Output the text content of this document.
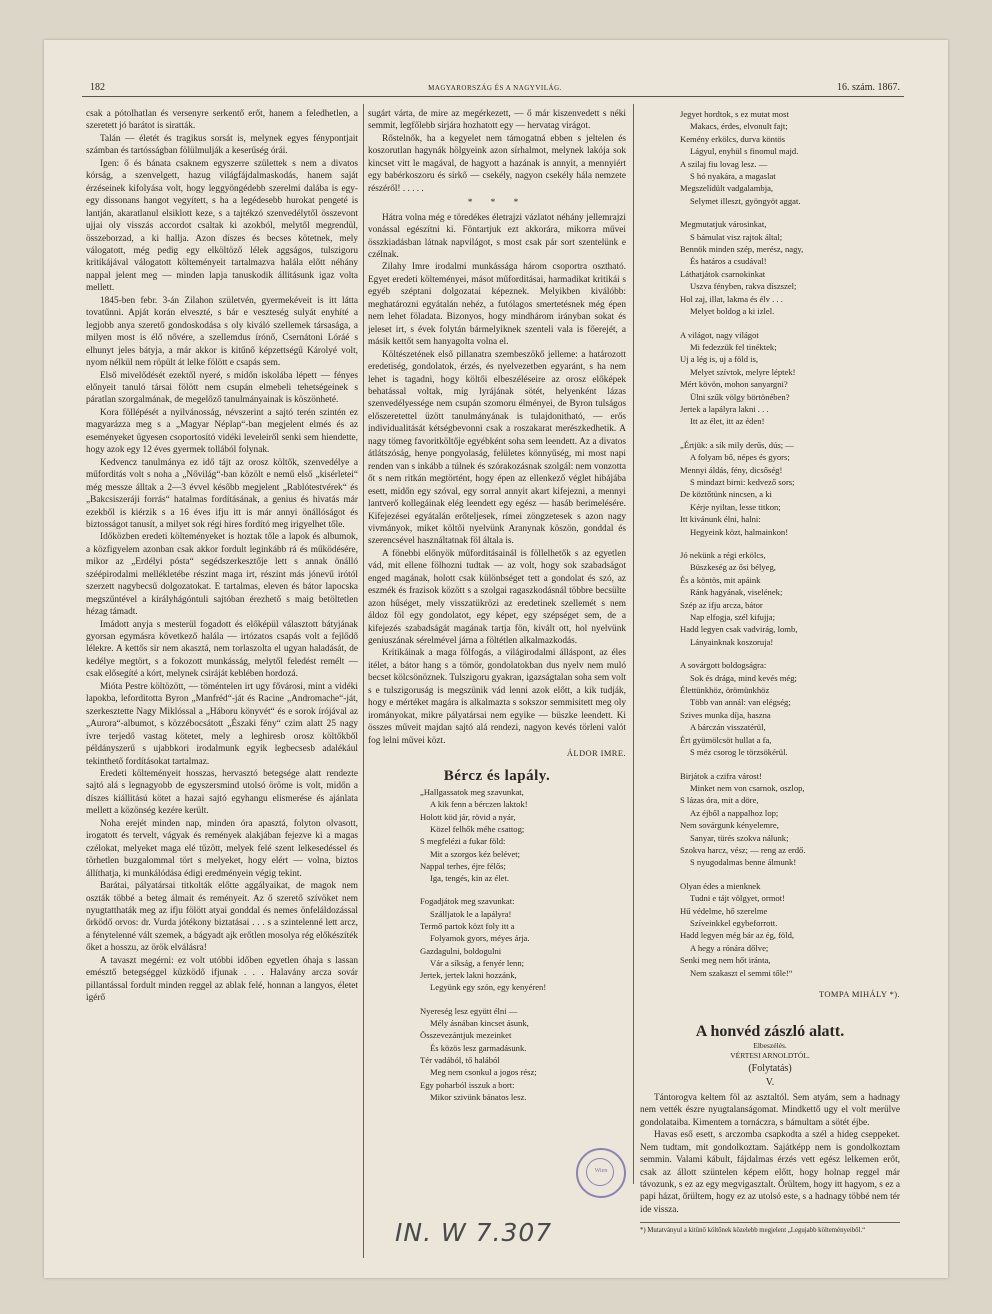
182	MAGYARORSZÁG ÉS A NAGYVILÁG.	16. szám. 1867.

csak a pótolhatlan és versenyre serkentő erőt, hanem a feledhetlen, a szeretett jó barátot is siratták.

Talán — életét és tragikus sorsát is, melynek egyes fénypontjait számban és tartósságban fölülmulják a keserűség órái.

Igen: ő és bánata csaknem egyszerre születtek s nem a divatos kórság, a szenvelgett, hazug világfájdalmaskodás, hanem saját érzéseinek kifolyása volt, hogy leggyöngédebb szerelmi dalába is egy-egy dissonans hangot vegyített, s ha a legédesebb hurokat pengeté is lantján, akaratlanul elsiklott keze, s a tajtékzó szenvedélytől összevont ujjai oly visszás accordot csaltak ki azokból, melytől megrendül, összeborzad, a ki hallja. Azon díszes és becses kötetnek, mely válogatott, még pedig egy elköltöző lélek aggságos, tulszigoru kritikájával válogatott költeményeit tartalmazva halála előtt néhány nappal jelent meg — minden lapja tanuskodik állításunk igaz volta mellett.

1845-ben febr. 3-án Zilahon születvén, gyermekéveit is itt látta tovatűnni. Apját korán elveszté, s bár e veszteség sulyát enyhíté a legjobb anya szerető gondoskodása s oly kiváló szellemek társasága, a milyen most is élő nővére, a szellemdus írónő, Csernátoni Lóráé s elhunyt jeles bátyja, a már akkor is kitűnő képzettségű Károlyé volt, nyom nélkül nem röpült át lelke fölött e csapás sem.

Első mivelődését ezektől nyeré, s midőn iskolába lépett — fényes előnyeit tanuló társai fölött nem csupán elmebeli tehetségeinek s páratlan szorgalmának, de megelőző tanulmányainak is köszönheté.

Kora föllépését a nyilvánosság, névszerint a sajtó terén szintén ez magyarázza meg s a „Magyar Néplap“-ban megjelent elmés és az eseményeket ügyesen csoportosító vidéki leveleiről senki sem hiendette, hogy azok egy 12 éves gyermek tollából folynak.

Kedvencz tanulmánya ez idő tájt az orosz költők, szenvedélye a műforditás volt s noha a „Nővilág“-ban közölt e nemű első „kisérletei“ még messze álltak a 2—3 évvel később megjelent „Rablótestvérek“ és „Bakcsiszeráji forrás“ hatalmas fordításának, a genius és hivatás már ezekből is kiérzik s a 16 éves ifju itt is már annyi önállóságot és biztosságot tanusít, a milyet sok régi hires fordító meg irigyelhet tőle.

Időközben eredeti költeményeket is hoztak tőle a lapok és albumok, a közfigyelem azonban csak akkor fordult leginkább rá és működésére, mikor az „Erdélyi pósta“ segédszerkesztője lett s annak önálló széépirodalmi mellékletébe részint maga irt, részint más jónevű irótól szerzett nagybecsű dolgozatokat. E tartalmas, eleven és bátor lapocska megszűntével a királyhágóntuli sajtóban érezhető s maig betöltetlen hézag támadt.

Imádott anyja s mesterül fogadott és előképül választott bátyjának gyorsan egymásra következő halála — irtózatos csapás volt a fejlődő lélekre. A kettős sir nem akasztá, nem torlaszolta el ugyan haladását, de kedélye megtört, s a fokozott munkásság, melytől feledést remélt — csak elősegíté a kórt, melynek csiráját keblében hordozá.

Mióta Pestre költözött, — töméntelen irt ugy fővárosi, mint a vidéki lapokba, leforditotta Byron „Manfréd“-ját és Racine „Andromache“-ját, szerkesztette Nagy Miklóssal a „Háboru könyvét“ és e sorok írójával az „Aurora“-albumot, s közzébocsátott „Északi fény“ czim alatt 25 nagy ívre terjedő vastag kötetet, mely a leghiresb orosz költőkből példányszerű s ujabbkori irodalmunk egyik legbecsesb adalékául tekinthető fordításokat tartalmaz.

Eredeti költeményeit hosszas, hervasztó betegsége alatt rendezte sajtó alá s legnagyobb de egyszersmind utolsó öröme is volt, midőn a díszes kiállitású kötet a hazai sajtó egyhangu elismerése és ajánlata mellett a közönség kezére került.

Noha erejét minden nap, minden óra apasztá, folyton olvasott, irogatott és tervelt, vágyak és remények alakjában fejezve ki a magas czélokat, melyeket maga elé tűzött, melyek felé szent lelkesedéssel és törhetlen buzgalommal tört s melyeket, hogy elért — volna, biztos állíthatja, ki munkálódása édigi eredményein végig tekint.

Barátai, pályatársai titkolták előtte aggályaikat, de magok nem oszták többé a beteg álmait és reményeit. Az ő szerető szívöket nem nyugtatthaták meg az ifju fölött atyai gonddal és nemes önfeláldozással őrködő orvos: dr. Vurda jótékony biztatásai . . . s a szintelenné lett arcz, a fénytelenné vált szemek, a bágyadt ajk erőtlen mosolya rég előkészíték őket a hosszu, az örök elválásra!

A tavaszt megérni: ez volt utóbbi időben egyetlen óhaja s lassan emésztő betegséggel küzködő ifjunak . . . Halavány arcza sovár pillantással fordult minden reggel az ablak felé, honnan a langyos, életet igérő

sugárt várta, de mire az megérkezett, — ő már kiszenvedett s néki semmit, legfőlebb sirjára hozhatott egy — hervatag virágot.

Rőstelnők, ha a kegyelet nem támogatná ebben s jeltelen és koszorutlan hagynák hölgyeink azon sírhalmot, melynek lakója sok kincset vitt le magával, de hagyott a hazának is annyit, a mennyiért egy babérkoszoru és sirkő — csekély, nagyon csekély hála nemzete részéről! . . . . .

* * *

Hátra volna még e töredékes életrajzi vázlatot néhány jellemrajzi vonással egészítni ki. Föntartjuk ezt akkorára, mikorra művei összkiadásban látnak napvilágot, s most csak pár sort szentelünk e czélnak.

Zilahy Imre irodalmi munkássága három csoportra osztható. Egyet eredeti költeményei, másot műforditásai, harmadikat kritikái s egyéb széptani dolgozatai képeznek. Melyikben kiválóbb: meghatározni egyátalán nehéz, a futólagos smertetésnek még épen nem lehet föladata. Bizonyos, hogy mindhárom irányban sokat és jeleset irt, s évek folytán bármelyiknek szenteli vala is főerejét, a másik kettőt sem hanyagolta volna el.

Költészetének első pillanatra szembeszökő jelleme: a határozott eredetiség, gondolatok, érzés, és nyelvezetben egyaránt, s ha nem lehet is tagadni, hogy költői elbeszéléseire az orosz előképek behatással voltak, mig lyrájának sötét, helyenként lázas szenvedélyessége nem csupán szomoru élményei, de Byron tulságos előszeretettel üzött tanulmányának is tulajdonitható, — erős individualitását kétségbevonni csak a roszakarat merészkedhetik. A nagy tömeg favoritköltője egyébként soha sem leendett. Az a divatos átlátszóság, henye pongyolaság, felületes könnyűség, mi most napi renden van s inkább a túlnek és szórakozásnak szolgál: nem vonzotta őt s nem ritkán megtörtént, hogy épen az ellenkező véglet hibájába esett, midőn egy szóval, egy sorral annyit akart kifejezni, a mennyi lantverő kollegáinak elég leendett egy egész — hasáb berimelésére. Kifejezései egyátalán erőteljesek, rímei zöngzetesek s azon nagy vivmányok, miket költői nyelvünk Aranynak köszön, gonddal és szerencsével használtatnak föl általa is.

A fönebbi előnyök műforditásainál is föllelhetők s az egyetlen vád, mit ellene fölhozni tudtak — az volt, hogy sok szabadságot enged magának, holott csak különbséget tett a gondolat és szó, az eszmék és frazisok között s a szolgai ragaszkodásnál többre becsülte azon hűséget, mely visszatükrözi az eredetinek szellemét s nem áldoz föl egy gondolatot, egy képet, egy szépséget sem, de a kifejezés szabadságát magának tartja fön, kivált ott, hol nyelvünk geniuszának sérelmével járna a föltétlen alkalmazkodás.

Kritikáinak a maga fölfogás, a világirodalmi álláspont, az éles itélet, a bátor hang s a tömör, gondolatokban dus nyelv nem muló becset kölcsönöznek. Tulszigoru gyakran, igazságtalan soha sem volt s e tulszigoruság is megszünik vád lenni azok előtt, a kik tudják, hogy e mértéket magára is alkalmazta s sokszor semmisitett meg oly irományokat, mikre pályatársai nem egyike — büszke leendett. Ki összes műveit majdan sajtó alá rendezi, nagyon kevés törleni valót fog lelni művei közt.

ÁLDOR IMRE.
Bércz és lapály.
„Hallgassatok meg szavunkat,
A kik fenn a bérczen laktok!
Holott köd jár, rövid a nyár,
Közel felhők méhe csattog;
S megfelézi a fukar föld:
Mit a szorgos kéz belévet;
Nappal terhes, éjre félős;
Iga, tengés, kin az élet.
Fogadjátok meg szavunkat:
Szálljatok le a lapályra!
Termő partok közt foly itt a
Folyamok gyors, méyes árja.
Gazdagulni, boldogulni
Vár a síkság, a fenyér lenn;
Jertek, jertek lakni hozzánk,
Legyünk egy szón, egy kenyéren!
Nyereség lesz együtt élni —
Mély ásnában kincset ásunk,
Összevezántjuk mezeinket
És közös lesz garmadásunk.
Tér vadából, tő halából
Meg nem csonkul a jogos rész;
Egy poharból isszuk a bort:
Mikor szivünk bánatos lesz.
Jegyet hordtok, s ez mutat most
Makacs, érdes, elvonult fajt;
Kemény erkölcs, durva köntös
Lágyul, enyhül s finomul majd.
A szilaj fiu lovag lesz. —
S hó nyakára, a magaslat
Megszelídült vadgalambja,
Selymet illeszt, gyöngyöt aggat.
Megmutatjuk városinkat,
S bámulat visz rajtok által;
Bennök minden szép, merész, nagy,
És határos a csudával!
Láthatjátok csarnokinkat
Uszva fényben, rakva díszszel;
Hol zaj, illat, lakma és élv . . .
Melyet boldog a ki izlel.
A világot, nagy világot
Mi fedezzük fel tinéktek;
Uj a lég is, uj a föld is,
Melyet szívtok, melyre léptek!
Mért kövön, mohon sanyargni?
Ülni szűk völgy börtönében?
Jertek a lapályra lakni . . .
Itt az élet, itt az éden!
„Értjük: a sík mily derűs, dús; —
A folyam bő, népes és gyors;
Mennyi áldás, fény, dicsőség!
S mindazt birni: kedvező sors;
De köztőtünk nincsen, a ki
Kérje nyiltan, lesse titkon;
Itt kivánunk élni, halni:
Hegyeink közt, halmainkon!
Jó nekünk a régi erkölcs,
Büszkeség az ősi bélyeg,
És a köntös, mit apáink
Ránk hagyának, viselének;
Szép az ifju arcza, bátor
Nap elfogja, szél kifujja;
Hadd legyen csak vadvirág, lomb,
Lányainknak koszoruja!
A sovárgott boldogságra:
Sok és drága, mind kevés még;
Élettünkhöz, örömünkhöz
Több van annál: van elégség;
Szives munka díja, haszna
A bárczán visszatérül,
Ért gyümölcsöt hullat a fa,
S méz csorog le törzsökérül.
Birjátok a czifra várost!
Minket nem von csarnok, oszlop,
S lázas óra, mit a döre,
Az éjből a nappalhoz lop;
Nem sovárgunk kényelemre,
Sanyar, türés szokva nálunk;
Szokva harcz, vész; — reng az erdő.
S nyugodalmas benne álmunk!
Olyan édes a mienknek
Tudni e tájt völgyet, ormot!
Hű védelme, hő szerelme
Szíveinkkel egybeforrott.
Hadd legyen még bár az ég, föld,
A hegy a rónára dőlve;
Senki meg nem hőt iránta,
Nem szakaszt el semmi tőle!“
TOMPA MIHÁLY *).
A honvéd zászló alatt.
Elbeszélés.
VÉRTESI ARNOLDTÓL.
(Folytatás)
V.

Tántorogva keltem föl az asztaltól. Sem atyám, sem a hadnagy nem vették észre nyugtalanságomat. Mindkettő ugy el volt merülve gondolataiba. Kimentem a tornáczra, s bámultam a sötét éjbe.

Havas eső esett, s arczomba csapkodta a szél a hideg cseppeket. Nem tudtam, mit gondolkoztam. Sajátképp nem is gondolkoztam semmin. Valami kábult, fájdalmas érzés vett egész lelkemen erőt, csak az állott szüntelen képem előtt, hogy holnap reggel már távozunk, s ez az egy megvigasztalt. Őrültem, hogy itt hagyom, s ez a papi házat, őrültem, hogy ez az utolsó este, s a hadnagy többé nem tér ide vissza.

*) Mutatványul a kitünő költőnek közelebb megjelent „Legujabb költeményeiből.“
Wien
IN. W 7.307
